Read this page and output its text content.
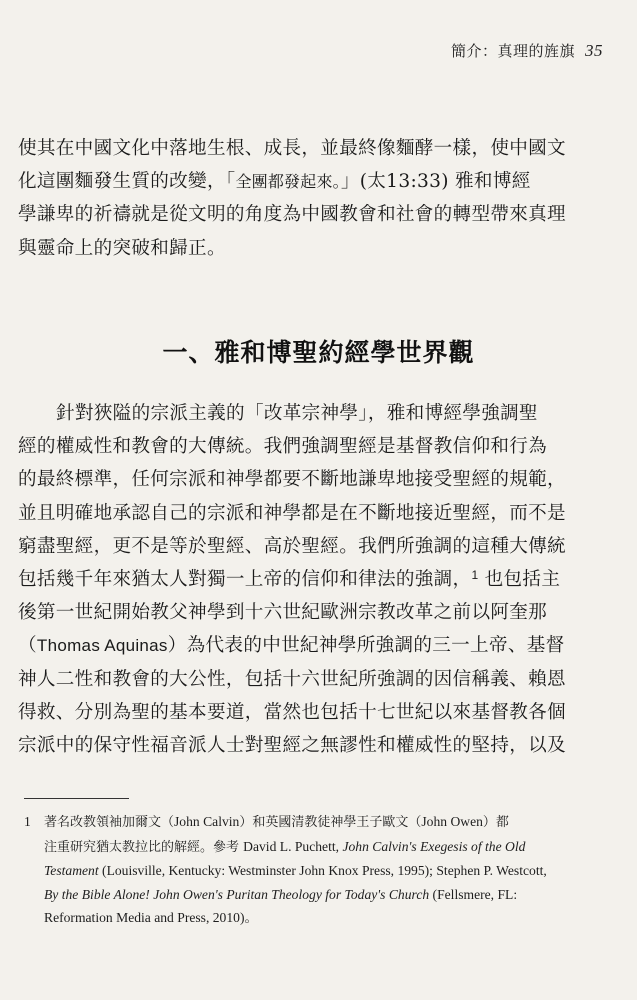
簡介：真理的旌旗 35
使其在中國文化中落地生根、成長，並最終像麵酵一樣，使中國文
化這團麵發生質的改變，「全團都發起來。」(太13:33) 雅和博經
學謙卑的祈禱就是從文明的角度為中國教會和社會的轉型帶來真理
與靈命上的突破和歸正。
一、雅和博聖約經學世界觀
針對狹隘的宗派主義的「改革宗神學」，雅和博經學強調聖
經的權威性和教會的大傳統。我們強調聖經是基督教信仰和行為
的最終標準，任何宗派和神學都要不斷地謙卑地接受聖經的規範，
並且明確地承認自己的宗派和神學都是在不斷地接近聖經，而不是
窮盡聖經，更不是等於聖經、高於聖經。我們所強調的這種大傳統
包括幾千年來猶太人對獨一上帝的信仰和律法的強調，$^1$ 也包括主
後第一世紀開始教父神學到十六世紀歐洲宗教改革之前以阿奎那
（Thomas Aquinas）為代表的中世紀神學所強調的三一上帝、基督
神人二性和教會的大公性，包括十六世紀所強調的因信稱義、賴恩
得救、分別為聖的基本要道，當然也包括十七世紀以來基督教各個
宗派中的保守性福音派人士對聖經之無謬性和權威性的堅持，以及
1 著名改教領袖加爾文（John Calvin）和英國清教徒神學王子歐文（John Owen）都
注重研究猶太教拉比的解經。參考 David L. Puchett, John Calvin's Exegesis of the Old
Testament (Louisville, Kentucky: Westminster John Knox Press, 1995); Stephen P. Westcott,
By the Bible Alone! John Owen's Puritan Theology for Today's Church (Fellsmere, FL:
Reformation Media and Press, 2010)。
